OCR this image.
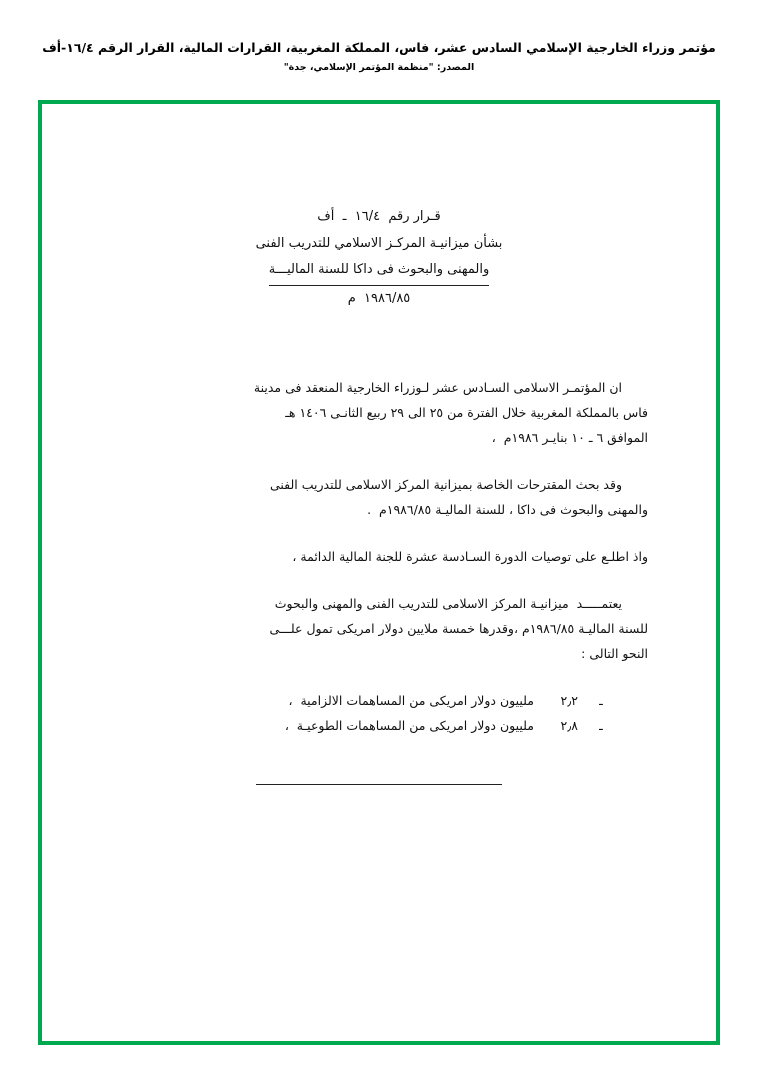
مؤتمر وزراء الخارجية الإسلامي السادس عشر، فاس، المملكة المغربية، القرارات المالية، القرار الرقم ١٦/٤-أف
المصدر: "منظمة المؤتمر الإسلامي، جدة"
قـرار رقم  ١٦/٤  ـ  أف
بشأن ميزانيـة المركـز الاسلامي للتدريب الفنى
والمهنى والبحوث فى داكا للسنة الماليـــة
١٩٨٦/٨٥  م
ان المؤتمـر الاسلامى السـادس عشر لـوزراء الخارجية المنعقد فى مدينة
فاس بالمملكة المغربية خلال الفترة من ٢٥ الى ٢٩ ربيع الثانـى ١٤٠٦ هـ
الموافق ٦ ـ ١٠ بنايـر ١٩٨٦م  ،
وقد بحث المقترحات الخاصة بميزانية المركز الاسلامى للتدريب الفنى
والمهنى والبحوث فى داكا ، للسنة الماليـة ١٩٨٦/٨٥م  .
واذ اطلـع على توصيات الدورة السـادسة عشرة للجنة المالية الدائمة ،
يعتمـــــد  ميزانيـة المركز الاسلامى للتدريب الفنى والمهنى والبحوث
للسنة الماليـة ١٩٨٦/٨٥م ،وقدرها خمسة ملايين دولار امريكى تمول علـــى
النحو التالى :
ـ
٢٫٢
ملييون دولار امريكى من المساهمات الالزامية  ،
ـ
٢٫٨
ملييون دولار امريكى من المساهمات الطوعيـة  ،
